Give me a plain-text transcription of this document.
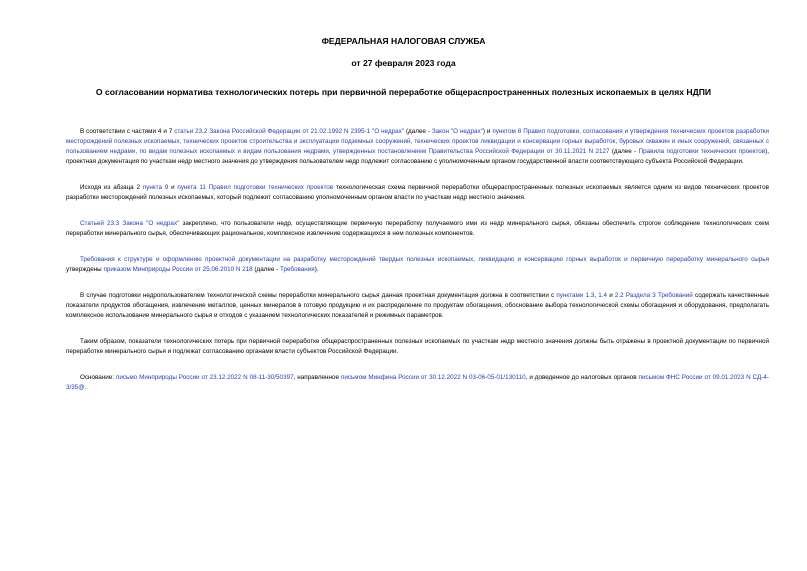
ФЕДЕРАЛЬНАЯ НАЛОГОВАЯ СЛУЖБА
от 27 февраля 2023 года
О согласовании норматива технологических потерь при первичной переработке общераспространенных полезных ископаемых в целях НДПИ

В соответствии с частями 4 и 7 статьи 23.2 Закона Российской Федерации от 21.02.1992 N 2395-1 "О недрах" (далее - Закон "О недрах") и пунктом 8 Правил подготовки, согласования и утверждения технических проектов разработки месторождений полезных ископаемых, технических проектов строительства и эксплуатации подземных сооружений, технических проектов ликвидации и консервации горных выработок, буровых скважин и иных сооружений, связанных с пользованием недрами, по видам полезных ископаемых и видам пользования недрами, утвержденных постановлением Правительства Российской Федерации от 30.11.2021 N 2127 (далее - Правила подготовки технических проектов), проектная документация по участкам недр местного значения до утверждения пользователем недр подлежит согласованию с уполномоченным органом государственной власти соответствующего субъекта Российской Федерации.

Исходя из абзаца 2 пункта 9 и пункта 11 Правил подготовки технических проектов технологическая схема первичной переработки общераспространенных полезных ископаемых является одним из видов технических проектов разработки месторождений полезных ископаемых, который подлежит согласованию уполномоченным органом власти по участкам недр местного значения.

Статьей 23.3 Закона "О недрах" закреплено, что пользователи недр, осуществляющие первичную переработку получаемого ими из недр минерального сырья, обязаны обеспечить строгое соблюдение технологических схем переработки минерального сырья, обеспечивающих рациональное, комплексное извлечение содержащихся в нем полезных компонентов.

Требования к структуре и оформлению проектной документации на разработку месторождений твердых полезных ископаемых, ликвидацию и консервацию горных выработок и первичную переработку минерального сырья утверждены приказом Минприроды России от 25.06.2010 N 218 (далее - Требования).

В случае подготовки недропользователем технологической схемы переработки минерального сырья данная проектная документация должна в соответствии с пунктами 1.3, 1.4 и 2.2 Раздела 3 Требований содержать качественные показатели продуктов обогащения, извлечение металлов, ценных минералов в готовую продукцию и их распределение по продуктам обогащения, обоснование выбора технологической схемы обогащения и оборудования, предполагать комплексное использование минерального сырья и отходов с указанием технологических показателей и режимных параметров.

Таким образом, показатели технологических потерь при первичной переработке общераспространенных полезных ископаемых по участкам недр местного значения должны быть отражены в проектной документации по первичной переработке минерального сырья и подлежат согласованию органами власти субъектов Российской Федерации.

Основание: письмо Минприроды России от 23.12.2022 N 08-11-30/50397, направленное письмом Минфина России от 30.12.2022 N 03-06-05-01/130110, и доведенное до налоговых органов письмом ФНС России от 09.01.2023 N СД-4-3/35@.
